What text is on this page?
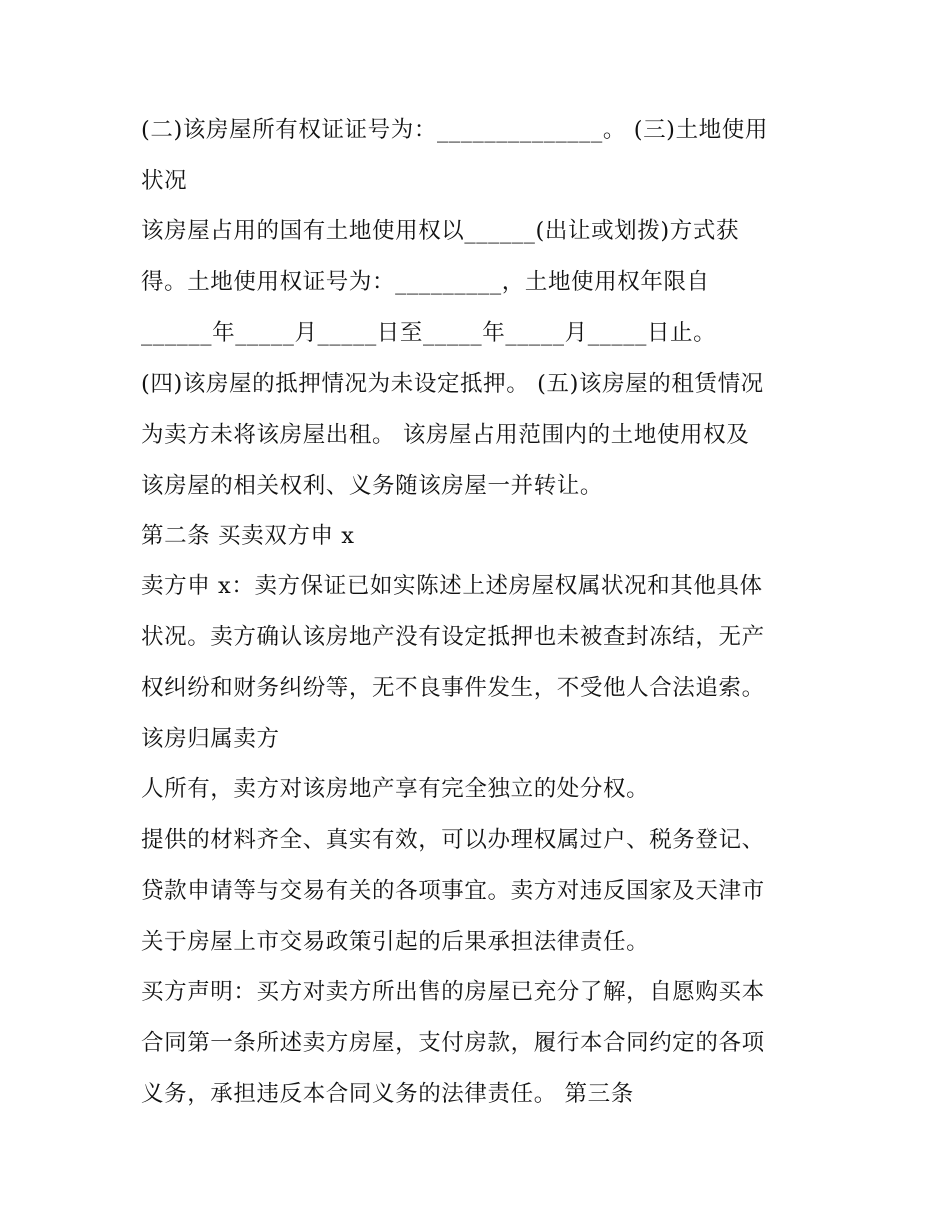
(二)该房屋所有权证证号为：______________。 (三)土地使用
状况
该房屋占用的国有土地使用权以______(出让或划拨)方式获
得。土地使用权证号为：_________，土地使用权年限自
______年_____月_____日至_____年_____月_____日止。
(四)该房屋的抵押情况为未设定抵押。 (五)该房屋的租赁情况
为卖方未将该房屋出租。 该房屋占用范围内的土地使用权及
该房屋的相关权利、义务随该房屋一并转让。
第二条 买卖双方申 x
卖方申 x：卖方保证已如实陈述上述房屋权属状况和其他具体
状况。卖方确认该房地产没有设定抵押也未被查封冻结，无产
权纠纷和财务纠纷等，无不良事件发生，不受他人合法追索。
该房归属卖方
人所有，卖方对该房地产享有完全独立的处分权。
提供的材料齐全、真实有效，可以办理权属过户、税务登记、
贷款申请等与交易有关的各项事宜。卖方对违反国家及天津市
关于房屋上市交易政策引起的后果承担法律责任。
买方声明：买方对卖方所出售的房屋已充分了解，自愿购买本
合同第一条所述卖方房屋，支付房款，履行本合同约定的各项
义务，承担违反本合同义务的法律责任。 第三条
